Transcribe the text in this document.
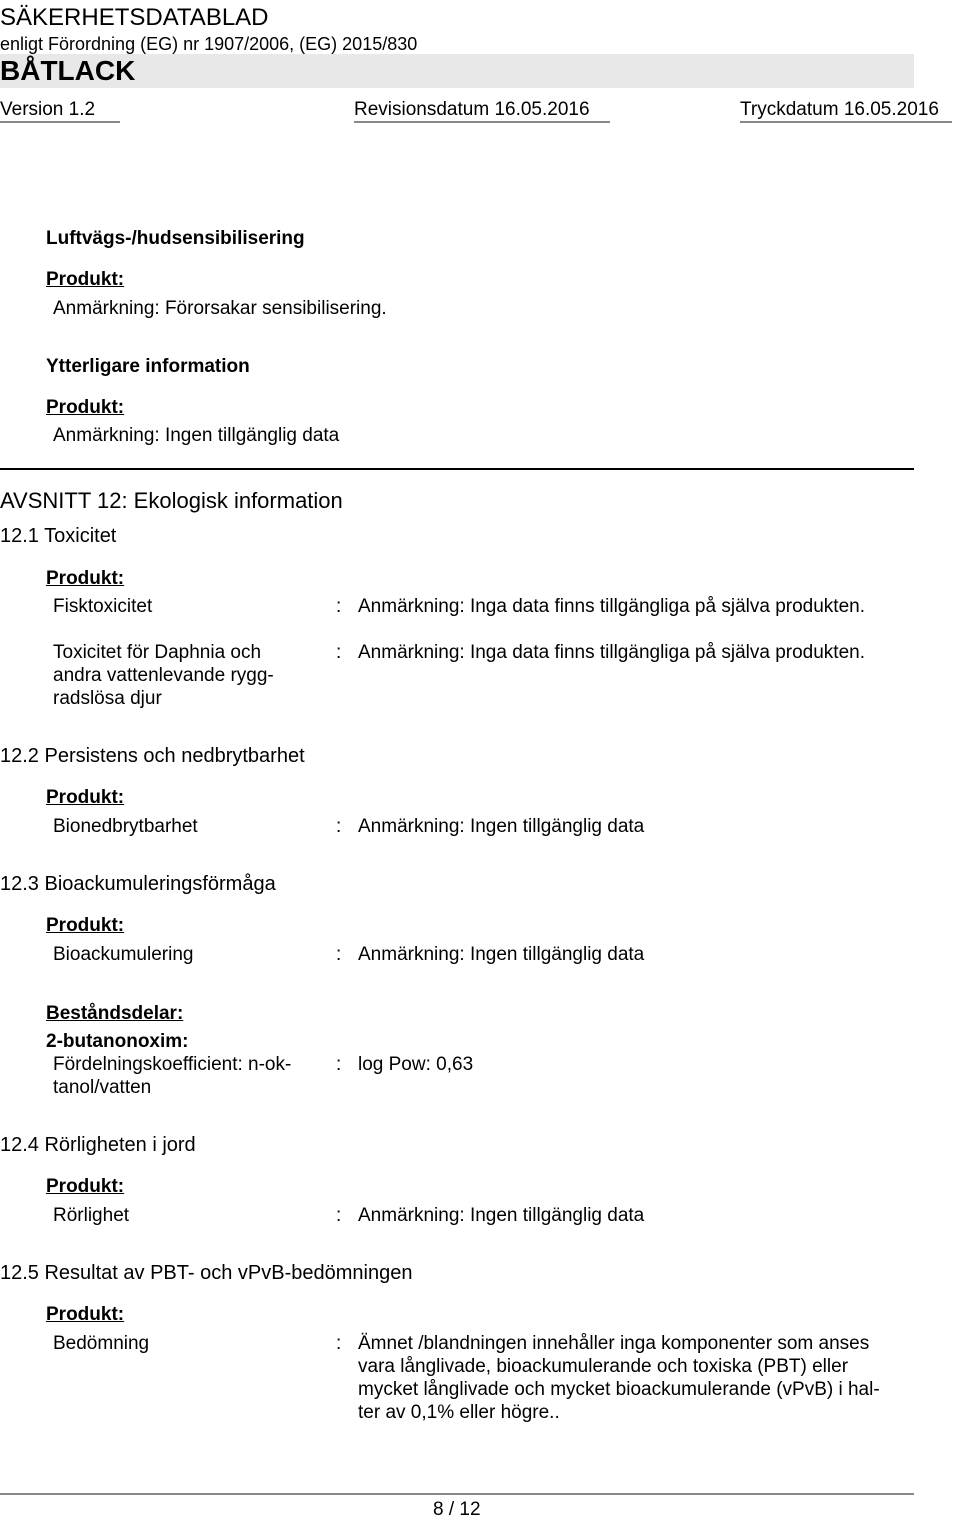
SÄKERHETSDATABLAD
enligt Förordning (EG) nr 1907/2006, (EG) 2015/830
BÅTLACK
Version 1.2	Revisionsdatum 16.05.2016	Tryckdatum 16.05.2016
Luftvägs-/hudsensibilisering
Produkt:
Anmärkning: Förorsakar sensibilisering.
Ytterligare information
Produkt:
Anmärkning: Ingen tillgänglig data
AVSNITT 12: Ekologisk information
12.1 Toxicitet
Produkt:
Fisktoxicitet	: Anmärkning: Inga data finns tillgängliga på själva produkten.
Toxicitet för Daphnia och
andra vattenlevande rygg-
radslösa djur
: Anmärkning: Inga data finns tillgängliga på själva produkten.
12.2 Persistens och nedbrytbarhet
Produkt:
Bionedbrytbarhet	: Anmärkning: Ingen tillgänglig data
12.3 Bioackumuleringsförmåga
Produkt:
Bioackumulering	: Anmärkning: Ingen tillgänglig data
Beståndsdelar:
2-butanonoxim:
Fördelningskoefficient: n-ok-
tanol/vatten
: log Pow: 0,63
12.4 Rörligheten i jord
Produkt:
Rörlighet	: Anmärkning: Ingen tillgänglig data
12.5 Resultat av PBT- och vPvB-bedömningen
Produkt:
Bedömning	: Ämnet /blandningen innehåller inga komponenter som anses
vara långlivade, bioackumulerande och toxiska (PBT) eller
mycket långlivade och mycket bioackumulerande (vPvB) i hal-
ter av 0,1% eller högre..
8 / 12
